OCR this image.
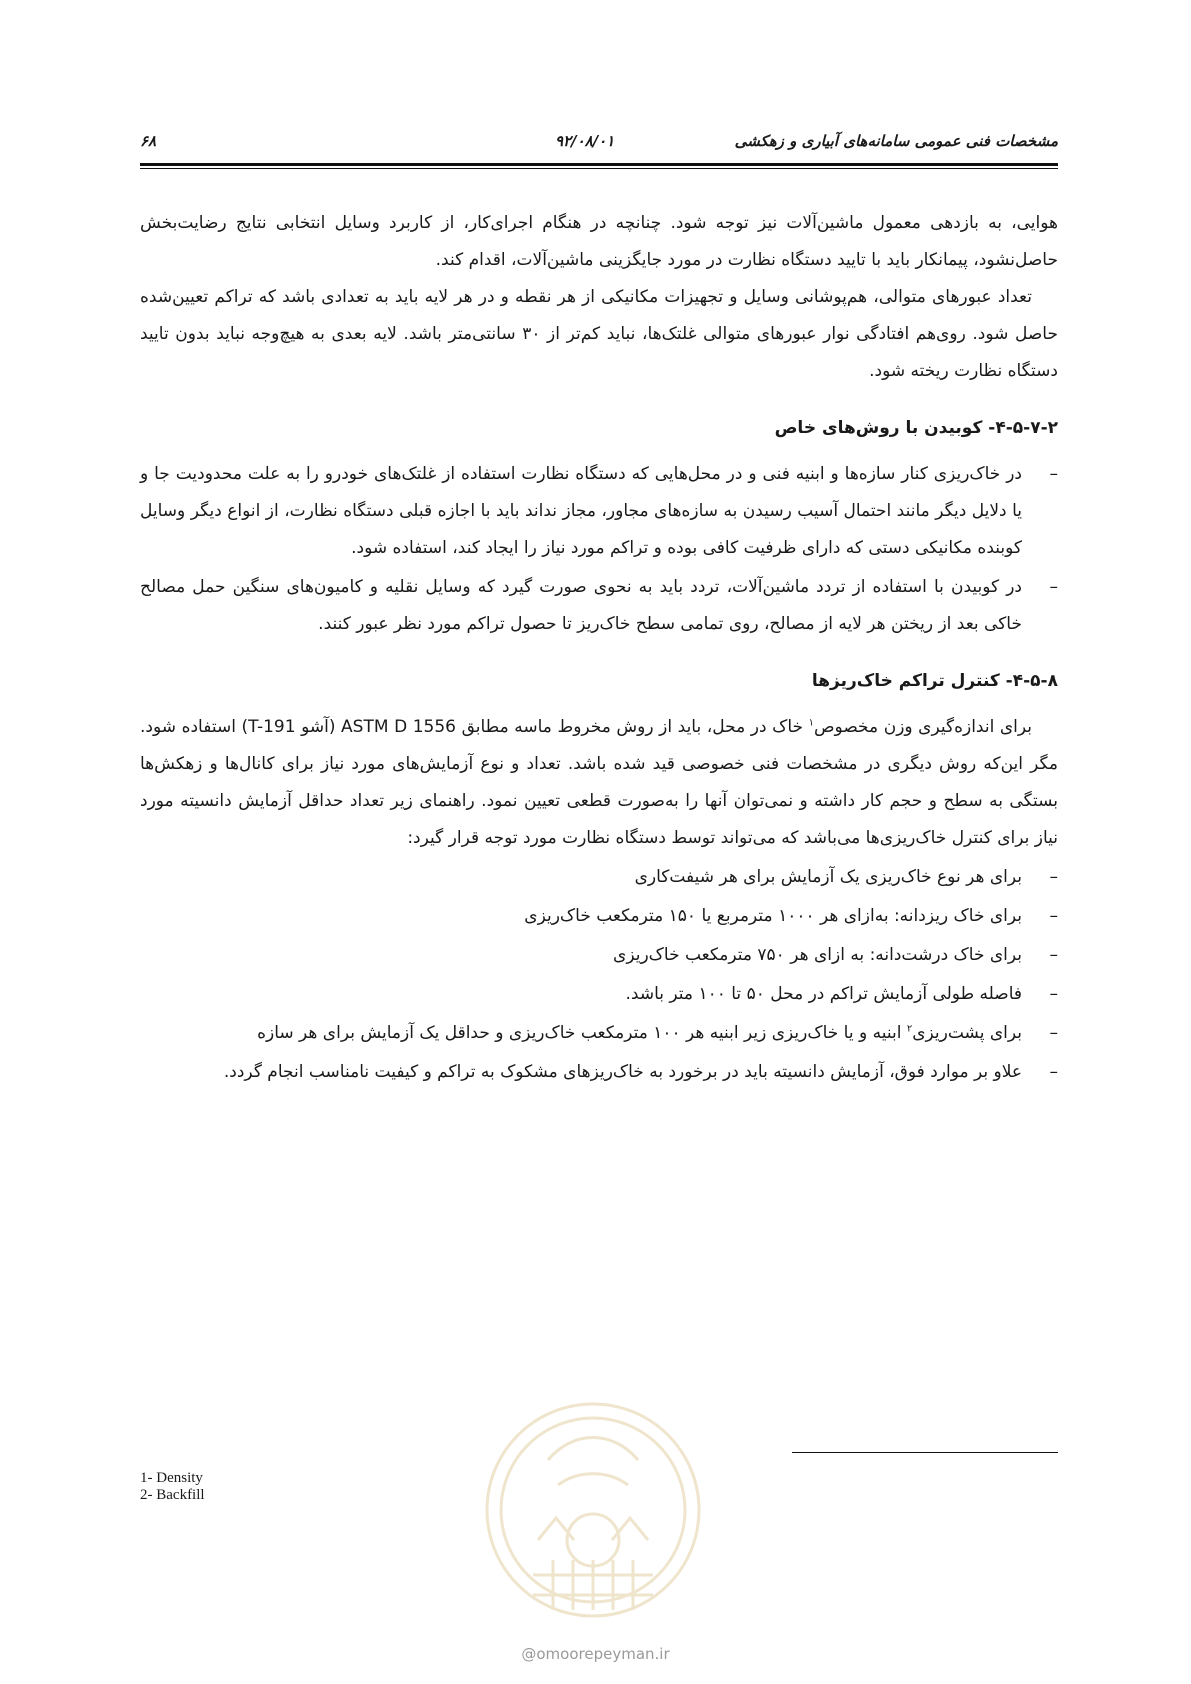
مشخصات فنی عمومی سامانه‌های آبیاری و زهکشی
۹۲/۰۸/۰۱
۶۸

هوایی، به بازدهی معمول ماشین‌آلات نیز توجه شود. چنانچه در هنگام اجرای‌کار، از کاربرد وسایل انتخابی نتایج رضایت‌بخش حاصل‌نشود، پیمانکار باید با تایید دستگاه نظارت در مورد جایگزینی ماشین‌آلات، اقدام کند.

تعداد عبورهای متوالی، هم‌پوشانی وسایل و تجهیزات مکانیکی از هر نقطه و در هر لایه باید به تعدادی باشد که تراکم تعیین‌شده حاصل شود. روی‌هم افتادگی نوار عبورهای متوالی غلتک‌ها، نباید کم‌تر از ۳۰ سانتی‌متر باشد. لایه بعدی به هیچ‌وجه نباید بدون تایید دستگاه نظارت ریخته شود.

۴-۵-۷-۲- کوبیدن با روش‌های خاص
–
در خاک‌ریزی کنار سازه‌ها و ابنیه فنی و در محل‌هایی که دستگاه نظارت استفاده از غلتک‌های خودرو را به علت محدودیت جا و یا دلایل دیگر مانند احتمال آسیب رسیدن به سازه‌های مجاور، مجاز نداند باید با اجازه قبلی دستگاه نظارت، از انواع دیگر وسایل کوبنده مکانیکی دستی که دارای ظرفیت کافی بوده و تراکم مورد نیاز را ایجاد کند، استفاده شود.
–
در کوبیدن با استفاده از تردد ماشین‌آلات، تردد باید به نحوی صورت گیرد که وسایل نقلیه و کامیون‌های سنگین حمل مصالح خاکی بعد از ریختن هر لایه از مصالح، روی تمامی سطح خاک‌ریز تا حصول تراکم مورد نظر عبور کنند.
۴-۵-۸- کنترل تراکم خاک‌ریزها

برای اندازه‌گیری وزن مخصوص$^۱$ خاک در محل، باید از روش مخروط ماسه مطابق ASTM D 1556 (آشو T-191) استفاده شود. مگر این‌که روش دیگری در مشخصات فنی خصوصی قید شده باشد. تعداد و نوع آزمایش‌های مورد نیاز برای کانال‌ها و زهکش‌ها بستگی به سطح و حجم کار داشته و نمی‌توان آنها را به‌صورت قطعی تعیین نمود. راهنمای زیر تعداد حداقل آزمایش دانسیته مورد نیاز برای کنترل خاک‌ریزی‌ها می‌باشد که می‌تواند توسط دستگاه نظارت مورد توجه قرار گیرد:

–
برای هر نوع خاک‌ریزی یک آزمایش برای هر شیفت‌کاری
–
برای خاک ریزدانه: به‌ازای هر ۱۰۰۰ مترمربع یا ۱۵۰ مترمکعب خاک‌ریزی
–
برای خاک درشت‌دانه: به ازای هر ۷۵۰ مترمکعب خاک‌ریزی
–
فاصله طولی آزمایش تراکم در محل ۵۰ تا ۱۰۰ متر باشد.
–
برای پشت‌ریزی$^۲$ ابنیه و یا خاک‌ریزی زیر ابنیه هر ۱۰۰ مترمکعب خاک‌ریزی و حداقل یک آزمایش برای هر سازه
–
علاو بر موارد فوق، آزمایش دانسیته باید در برخورد به خاک‌ریزهای مشکوک به تراکم و کیفیت نامناسب انجام گردد.
1- Density
2- Backfill
@omoorepeyman.ir
